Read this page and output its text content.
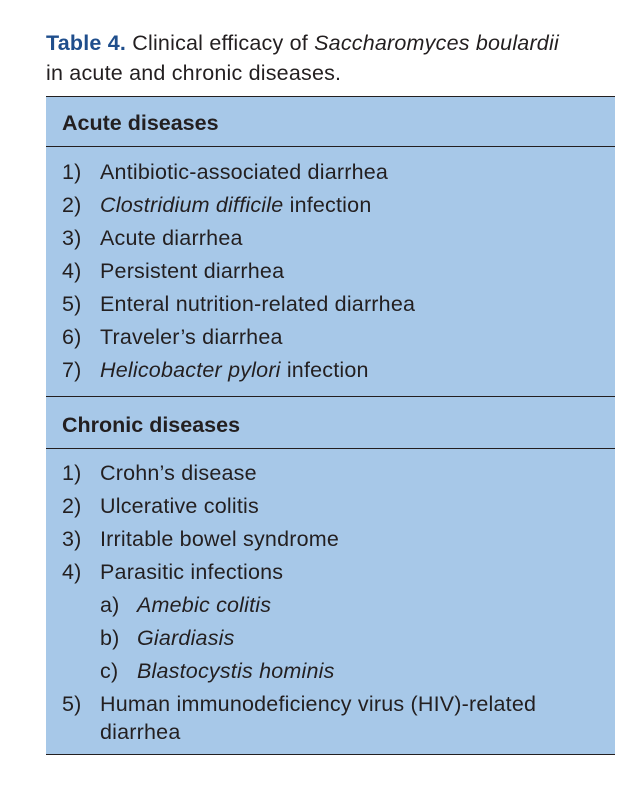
Table 4. Clinical efficacy of Saccharomyces boulardii
in acute and chronic diseases.
Acute diseases
1) Antibiotic-associated diarrhea
2) Clostridium difficile infection
3) Acute diarrhea
4) Persistent diarrhea
5) Enteral nutrition-related diarrhea
6) Traveler’s diarrhea
7) Helicobacter pylori infection
Chronic diseases
1) Crohn’s disease
2) Ulcerative colitis
3) Irritable bowel syndrome
4) Parasitic infections
a) Amebic colitis
b) Giardiasis
c) Blastocystis hominis
5) Human immunodeficiency virus (HIV)-related diarrhea
